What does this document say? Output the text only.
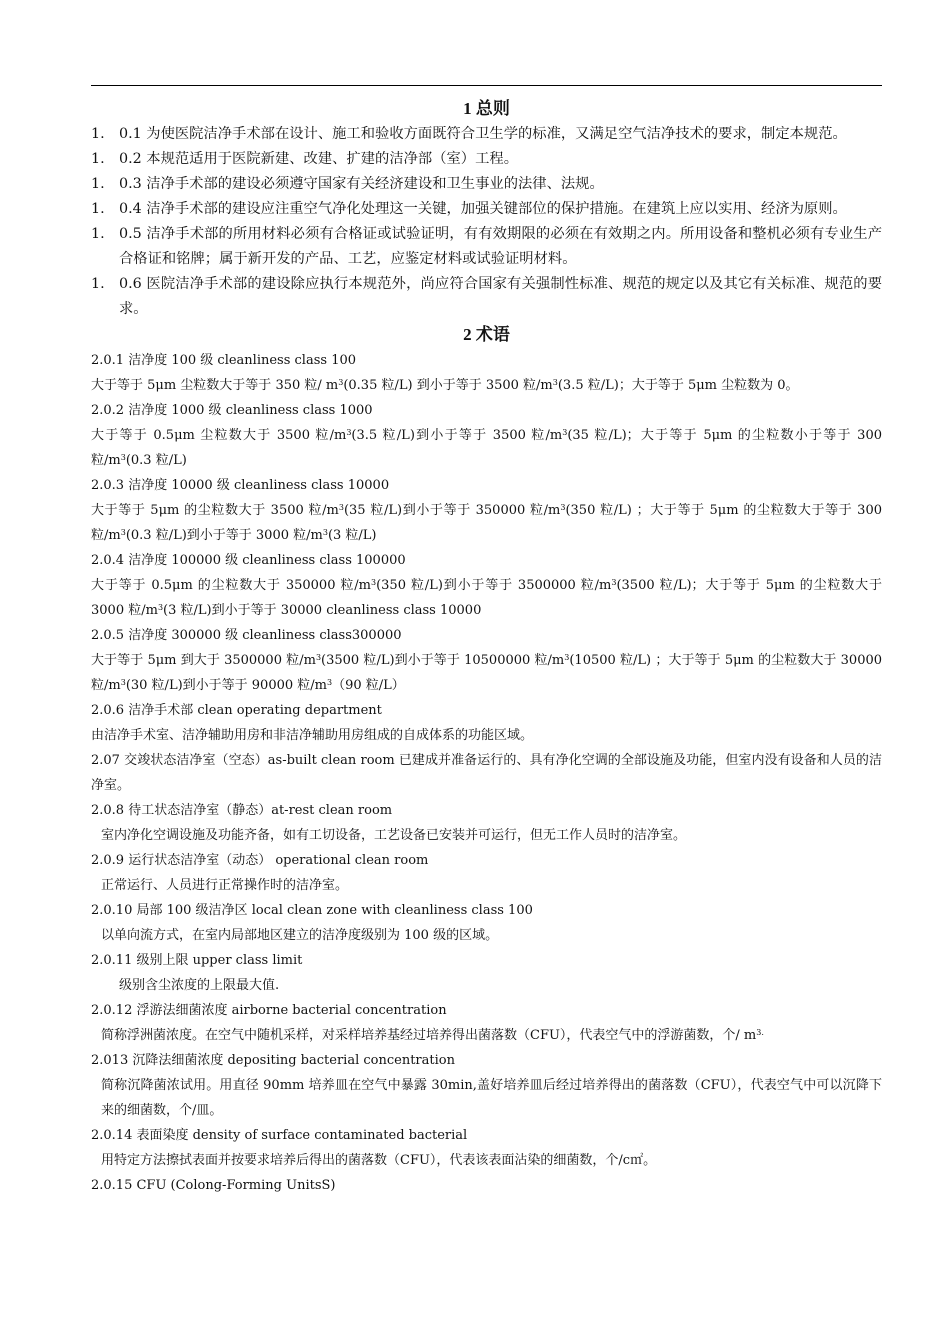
1 总则
1. 0.1 为使医院洁净手术部在设计、施工和验收方面既符合卫生学的标准，又满足空气洁净技术的要求，制定本规范。
1. 0.2 本规范适用于医院新建、改建、扩建的洁净部（室）工程。
1. 0.3 洁净手术部的建设必须遵守国家有关经济建设和卫生事业的法律、法规。
1. 0.4 洁净手术部的建设应注重空气净化处理这一关键，加强关键部位的保护措施。在建筑上应以实用、经济为原则。
1. 0.5 洁净手术部的所用材料必须有合格证或试验证明，有有效期限的必须在有效期之内。所用设备和整机必须有专业生产合格证和铭牌；属于新开发的产品、工艺，应鉴定材料或试验证明材料。
1. 0.6 医院洁净手术部的建设除应执行本规范外，尚应符合国家有关强制性标准、规范的规定以及其它有关标准、规范的要求。
2 术语

2.0.1 洁净度 100 级 cleanliness class 100

大于等于 5μm 尘粒数大于等于 350 粒/ $m^3(0.35$ 粒/L) 到小于等于 3500 粒$/m^3(3.5$ 粒/L)；大于等于 5μm 尘粒数为 0。

2.0.2 洁净度 1000 级 cleanliness class 1000

大于等于 0.5μm 尘粒数大于 3500 粒$/m^3(3.5$ 粒/L)到小于等于 3500 粒$/m^3(35$ 粒/L)；大于等于 5μm 的尘粒数小于等于 300 粒$/m^3(0.3$ 粒/L)

2.0.3 洁净度 10000 级 cleanliness class 10000

大于等于 5μm 的尘粒数大于 3500 粒$/m^3(35$ 粒/L)到小于等于 350000 粒$/m^3(350$ 粒/L) ；大于等于 5μm 的尘粒数大于等于 300 粒$/m^3(0.3$ 粒/L)到小于等于 3000 粒$/m^3(3$ 粒/L)

2.0.4 洁净度 100000 级 cleanliness class 100000

大于等于 0.5μm 的尘粒数大于 350000 粒$/m^3(350$ 粒/L)到小于等于 3500000 粒$/m^3(3500$ 粒/L)；大于等于 5μm 的尘粒数大于 3000 粒$/m^3(3$ 粒/L)到小于等于 30000 cleanliness class 10000

2.0.5 洁净度 300000 级 cleanliness class300000

大于等于 5μm 到大于 3500000 粒$/m^3(3500$ 粒/L)到小于等于 10500000 粒$/m^3(10500$ 粒/L) ；大于等于 5μm 的尘粒数大于 30000 粒$/m^3(30$ 粒/L)到小于等于 90000 粒$/m^3(90$ 粒/L）

2.0.6 洁净手术部 clean operating department

由洁净手术室、洁净辅助用房和非洁净辅助用房组成的自成体系的功能区域。

2.07 交竣状态洁净室（空态）as-built clean room 已建成并准备运行的、具有净化空调的全部设施及功能，但室内没有设备和人员的洁净室。

2.0.8 待工状态洁净室（静态）at-rest clean room

室内净化空调设施及功能齐备，如有工切设备，工艺设备已安装并可运行，但无工作人员时的洁净室。

2.0.9 运行状态洁净室（动态） operational clean room

正常运行、人员进行正常操作时的洁净室。

2.0.10 局部 100 级洁净区 local clean zone with cleanliness class 100

以单向流方式，在室内局部地区建立的洁净度级别为 100 级的区域。

2.0.11 级别上限 upper class limit

级别含尘浓度的上限最大值.

2.0.12 浮游法细菌浓度 airborne bacterial concentration

简称浮洲菌浓度。在空气中随机采样，对采样培养基经过培养得出菌落数（CFU），代表空气中的浮游菌数，个/ $m^{3.}$

2.013 沉降法细菌浓度 depositing bacterial concentration

简称沉降菌浓试用。用直径 90mm 培养皿在空气中暴露 30min,盖好培养皿后经过培养得出的菌落数（CFU），代表空气中可以沉降下来的细菌数，个/皿。

2.0.14 表面染度 density of surface contaminated bacterial

用特定方法擦拭表面并按要求培养后得出的菌落数（CFU），代表该表面沾染的细菌数，个/c㎡。

2.0.15 CFU (Colong-Forming UnitsS)
